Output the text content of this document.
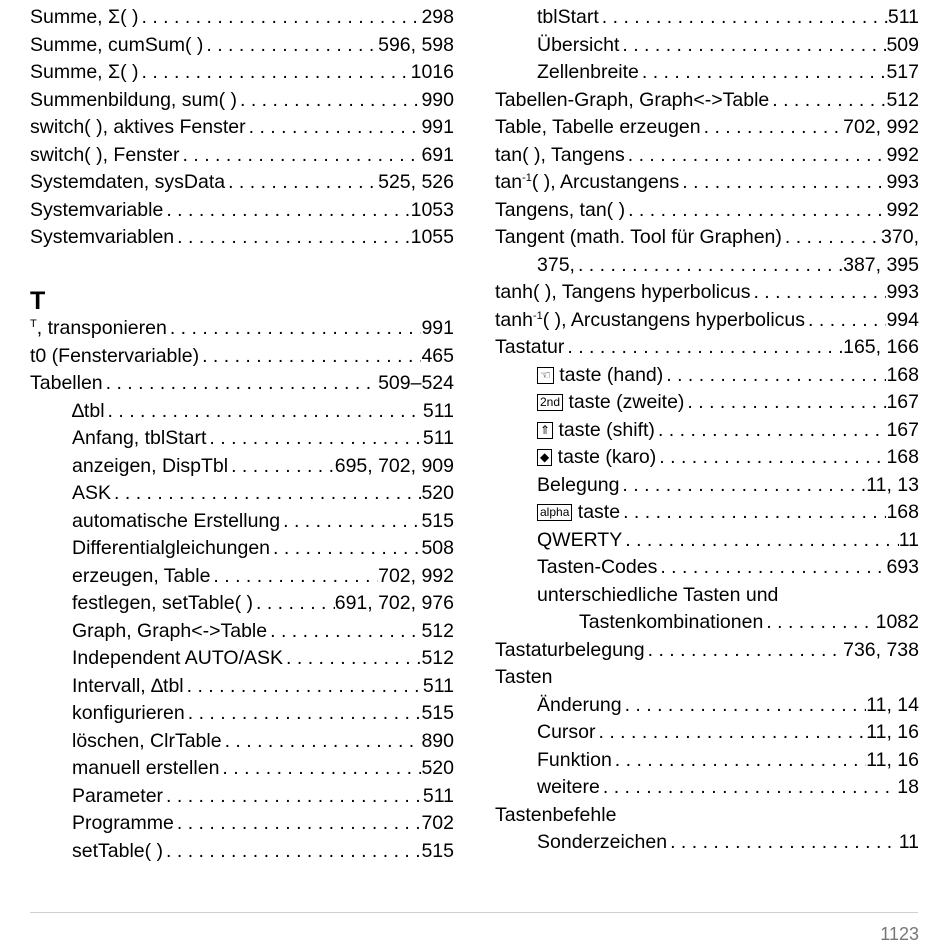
Summe, Σ( ) . . .	298
Summe, cumSum( ) . . .	596, 598
Summe, Σ( ) . . .	1016
Summenbildung, sum( ) . . .	990
switch( ), aktives Fenster . . .	991
switch( ), Fenster . . .	691
Systemdaten, sysData . . .	525, 526
Systemvariable . . .	1053
Systemvariablen . . .	1055
T
$^T$, transponieren . . .	991
t0 (Fenstervariable) . . .	465
Tabellen . . .	509–524
∆tbl . . .	511
Anfang, tblStart . . .	511
anzeigen, DispTbl . . .	695, 702, 909
ASK . . .	520
automatische Erstellung . . .	515
Differentialgleichungen . . .	508
erzeugen, Table . . .	702, 992
festlegen, setTable( ) . . .	691, 702, 976
Graph, Graph<->Table . . .	512
Independent AUTO/ASK . . .	512
Intervall, ∆tbl . . .	511
konfigurieren . . .	515
löschen, ClrTable . . .	890
manuell erstellen . . .	520
Parameter . . .	511
Programme . . .	702
setTable( ) . . .	515
tblStart . . .	511
Übersicht . . .	509
Zellenbreite . . .	517
Tabellen-Graph, Graph<->Table . . .	512
Table, Tabelle erzeugen . . .	702, 992
tan( ), Tangens . . .	992
$\tan^{-1}$( ), Arcustangens . . .	993
Tangens, tan( ) . . .	992
Tangent (math. Tool für Graphen) . . .	370,
375, . . .	387, 395
tanh( ), Tangens hyperbolicus . . .	993
$\tanh^{-1}$( ), Arcustangens hyperbolicus . . .	994
Tastatur . . .	165, 166
☜ taste (hand) . . .	168
2nd taste (zweite) . . .	167
⇑ taste (shift) . . .	167
◆ taste (karo) . . .	168
Belegung . . .	11, 13
alpha taste . . .	168
QWERTY . . .	11
Tasten-Codes . . .	693
unterschiedliche Tasten und
Tastenkombinationen . . .	1082
Tastaturbelegung . . .	736, 738
Tasten
Änderung . . .	11, 14
Cursor . . .	11, 16
Funktion . . .	11, 16
weitere . . .	18
Tastenbefehle
Sonderzeichen . . .	11
1123
